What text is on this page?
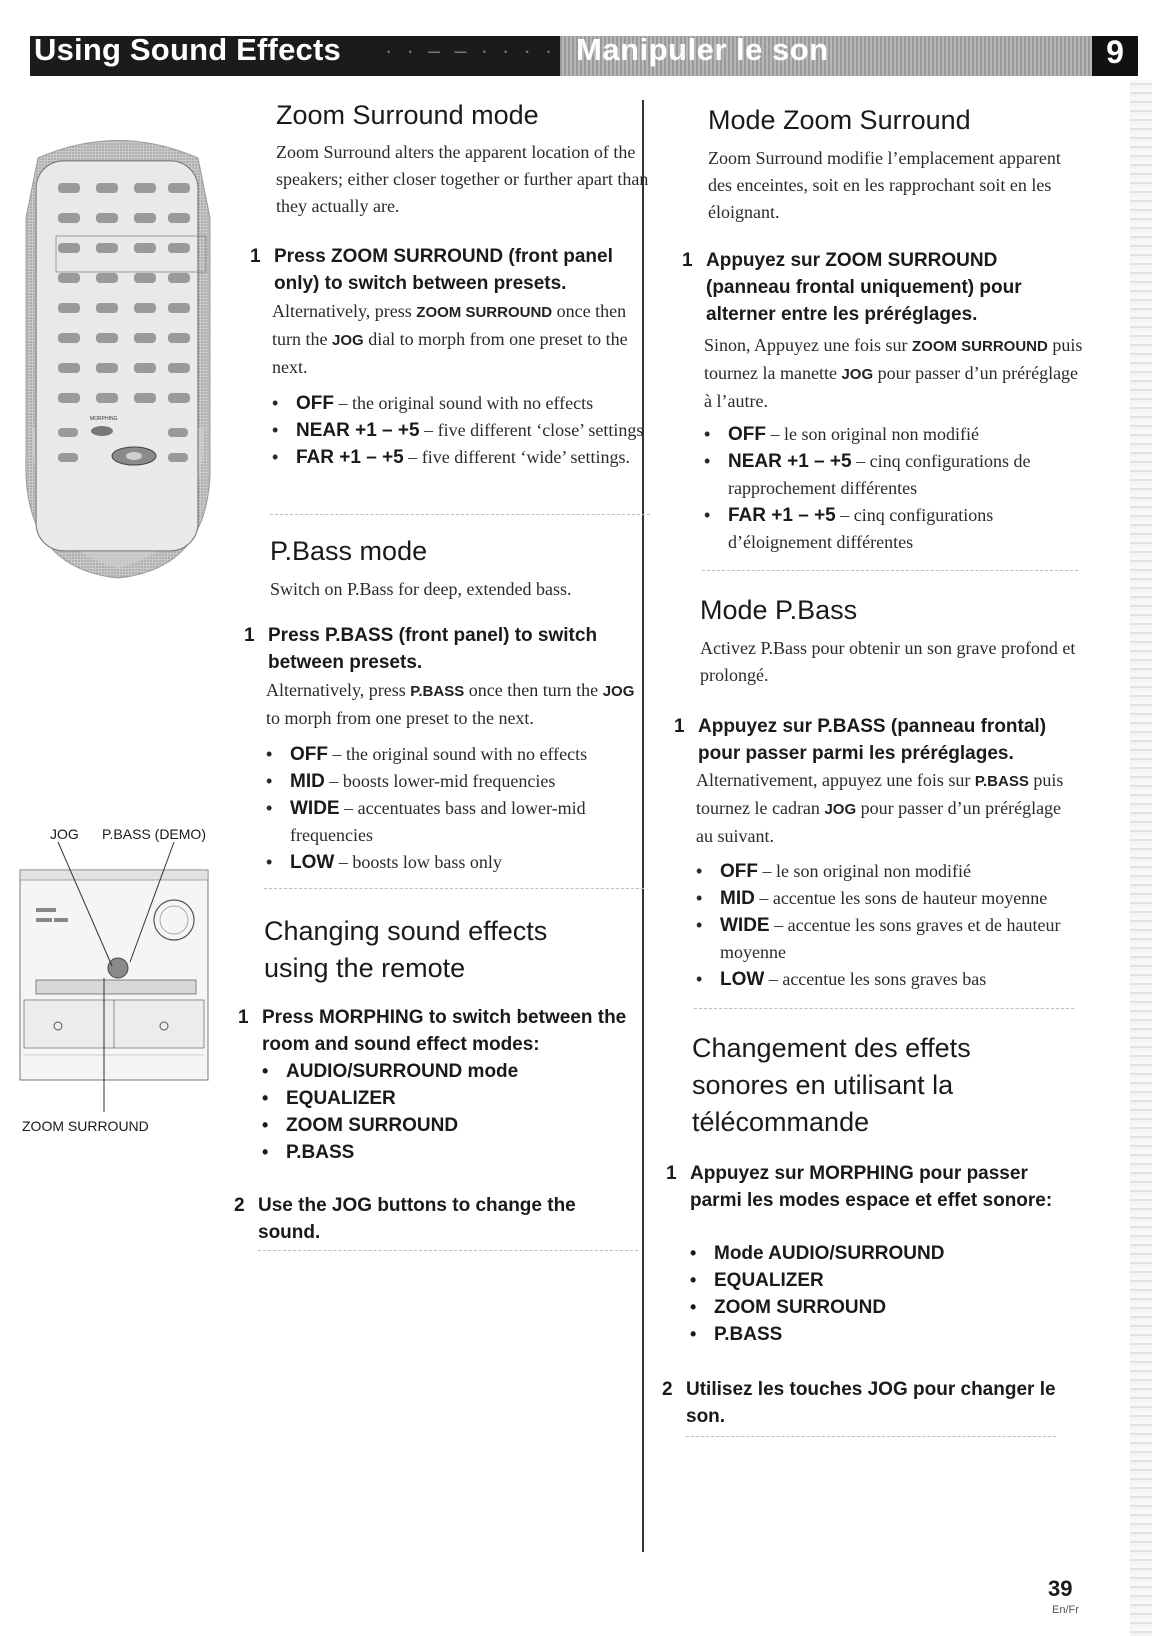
Using Sound Effects · · – – · · · · Manipuler le son	9
MORPHING
JOG P.BASS (DEMO)
ZOOM SURROUND
Zoom Surround mode
Zoom Surround alters the apparent location of the speakers; either closer together or further apart than they actually are.
1 Press ZOOM SURROUND (front panel only) to switch between presets.
Alternatively, press ZOOM SURROUND once then turn the JOG dial to morph from one preset to the next.
• OFF – the original sound with no effects
• NEAR +1 – +5 – five different ‘close’ settings
• FAR +1 – +5 – five different ‘wide’ settings.
P.Bass mode
Switch on P.Bass for deep, extended bass.
1 Press P.BASS (front panel) to switch between presets.
Alternatively, press P.BASS once then turn the JOG to morph from one preset to the next.
• OFF – the original sound with no effects
• MID – boosts lower-mid frequencies
• WIDE – accentuates bass and lower-mid frequencies
• LOW – boosts low bass only
Changing sound effects
using the remote
1 Press MORPHING to switch between the room and sound effect modes:
• AUDIO/SURROUND mode
• EQUALIZER
• ZOOM SURROUND
• P.BASS
2 Use the JOG buttons to change the sound.
Mode Zoom Surround
Zoom Surround modifie l’emplacement apparent des enceintes, soit en les rapprochant soit en les éloignant.
1 Appuyez sur ZOOM SURROUND (panneau frontal uniquement) pour alterner entre les préréglages.
Sinon, Appuyez une fois sur ZOOM SURROUND puis tournez la manette JOG pour passer d’un préréglage à l’autre.
• OFF – le son original non modifié
• NEAR +1 – +5 – cinq configurations de rapprochement différentes
• FAR +1 – +5 – cinq configurations d’éloignement différentes
Mode P.Bass
Activez P.Bass pour obtenir un son grave profond et prolongé.
1 Appuyez sur P.BASS (panneau frontal) pour passer parmi les préréglages.
Alternativement, appuyez une fois sur P.BASS puis tournez le cadran JOG pour passer d’un préréglage au suivant.
• OFF – le son original non modifié
• MID – accentue les sons de hauteur moyenne
• WIDE – accentue les sons graves et de hauteur moyenne
• LOW – accentue les sons graves bas
Changement des effets
sonores en utilisant la
télécommande
1 Appuyez sur MORPHING pour passer parmi les modes espace et effet sonore:
• Mode AUDIO/SURROUND
• EQUALIZER
• ZOOM SURROUND
• P.BASS
2 Utilisez les touches JOG pour changer le son.
39
En/Fr
